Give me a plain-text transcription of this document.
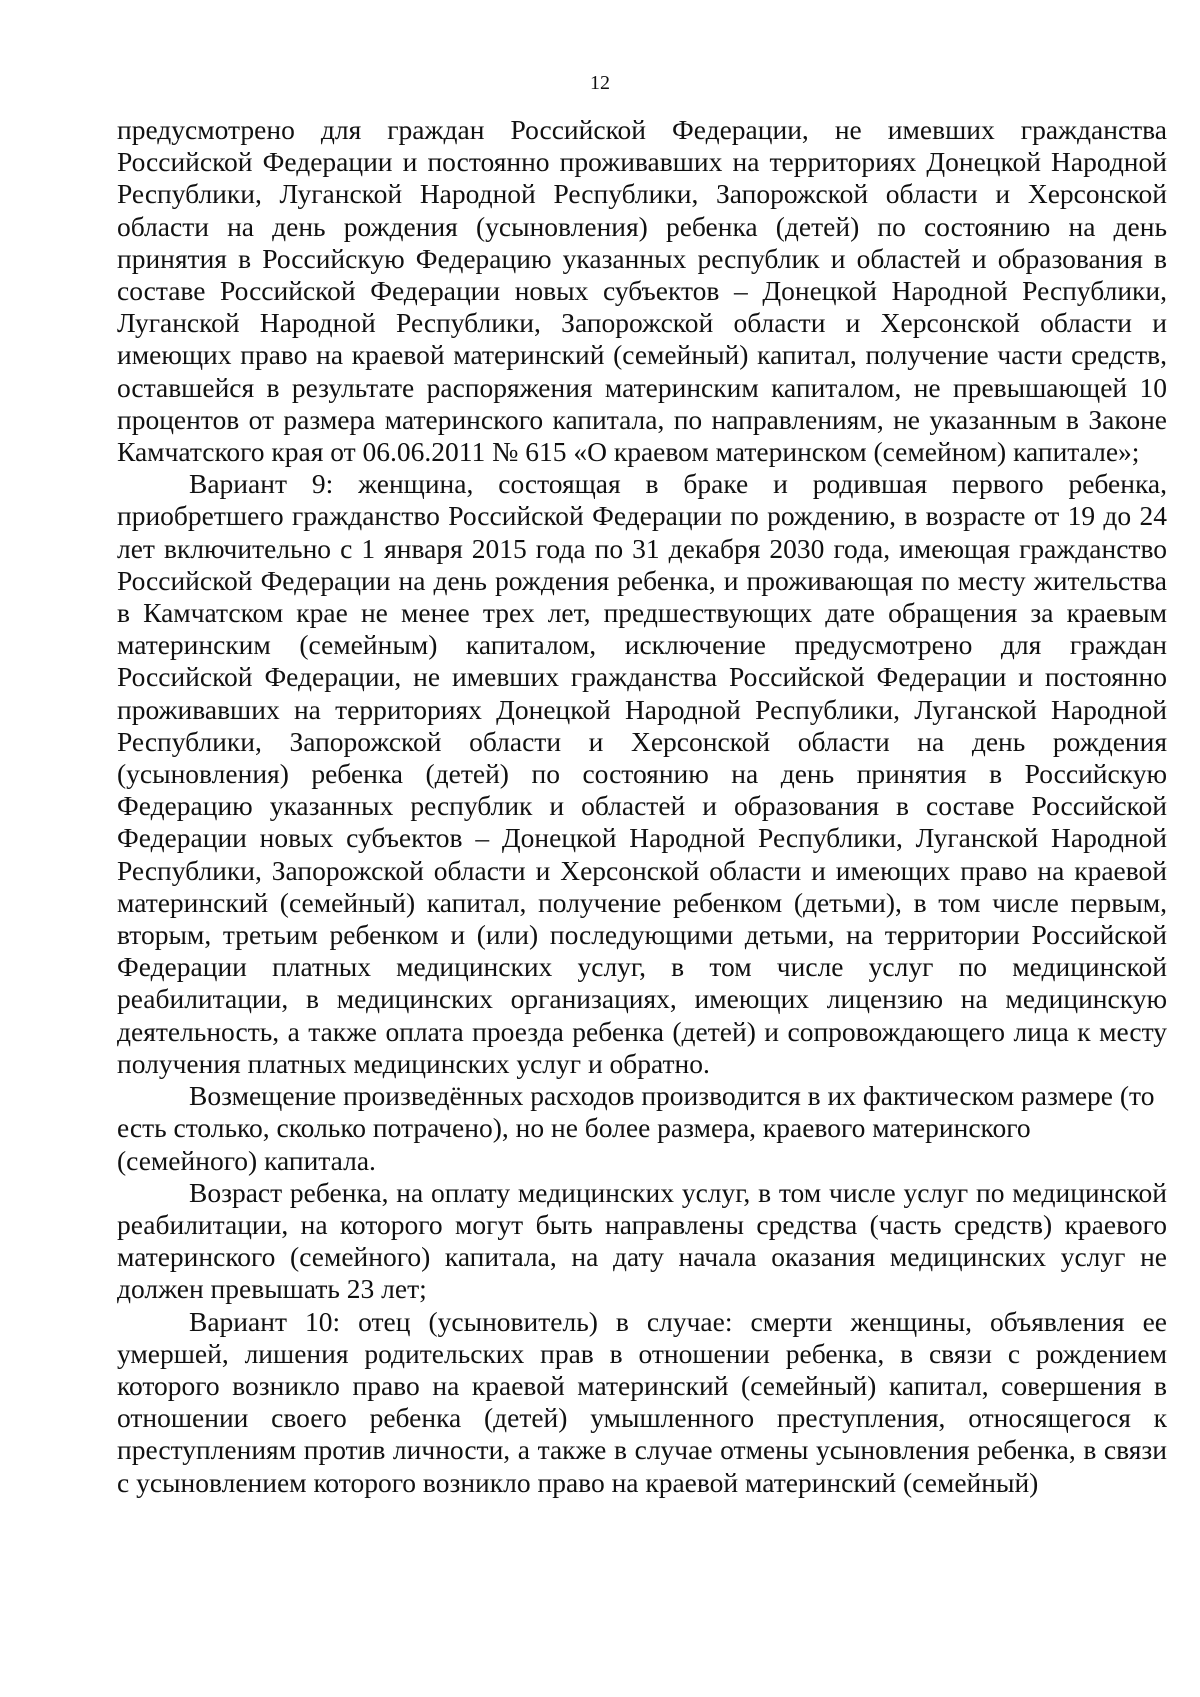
12

предусмотрено для граждан Российской Федерации, не имевших гражданства Российской Федерации и постоянно проживавших на территориях Донецкой Народной Республики, Луганской Народной Республики, Запорожской области и Херсонской области на день рождения (усыновления) ребенка (детей) по состоянию на день принятия в Российскую Федерацию указанных республик и областей и образования в составе Российской Федерации новых субъектов – Донецкой Народной Республики, Луганской Народной Республики, Запорожской области и Херсонской области и имеющих право на краевой материнский (семейный) капитал, получение части средств, оставшейся в результате распоряжения материнским капиталом, не превышающей 10 процентов от размера материнского капитала, по направлениям, не указанным в Законе Камчатского края от 06.06.2011 № 615 «О краевом материнском (семейном) капитале»;

Вариант 9: женщина, состоящая в браке и родившая первого ребенка, приобретшего гражданство Российской Федерации по рождению, в возрасте от 19 до 24 лет включительно с 1 января 2015 года по 31 декабря 2030 года, имеющая гражданство Российской Федерации на день рождения ребенка, и проживающая по месту жительства в Камчатском крае не менее трех лет, предшествующих дате обращения за краевым материнским (семейным) капиталом, исключение предусмотрено для граждан Российской Федерации, не имевших гражданства Российской Федерации и постоянно проживавших на территориях Донецкой Народной Республики, Луганской Народной Республики, Запорожской области и Херсонской области на день рождения (усыновления) ребенка (детей) по состоянию на день принятия в Российскую Федерацию указанных республик и областей и образования в составе Российской Федерации новых субъектов – Донецкой Народной Республики, Луганской Народной Республики, Запорожской области и Херсонской области и имеющих право на краевой материнский (семейный) капитал, получение ребенком (детьми), в том числе первым, вторым, третьим ребенком и (или) последующими детьми, на территории Российской Федерации платных медицинских услуг, в том числе услуг по медицинской реабилитации, в медицинских организациях, имеющих лицензию на медицинскую деятельность, а также оплата проезда ребенка (детей) и сопровождающего лица к месту получения платных медицинских услуг и обратно.

Возмещение произведённых расходов производится в их фактическом размере (то есть столько, сколько потрачено), но не более размера, краевого материнского (семейного) капитала.

Возраст ребенка, на оплату медицинских услуг, в том числе услуг по медицинской реабилитации, на которого могут быть направлены средства (часть средств) краевого материнского (семейного) капитала, на дату начала оказания медицинских услуг не должен превышать 23 лет;

Вариант 10: отец (усыновитель) в случае: смерти женщины, объявления ее умершей, лишения родительских прав в отношении ребенка, в связи с рождением которого возникло право на краевой материнский (семейный) капитал, совершения в отношении своего ребенка (детей) умышленного преступления, относящегося к преступлениям против личности, а также в случае отмены усыновления ребенка, в связи с усыновлением которого возникло право на краевой материнский (семейный)
